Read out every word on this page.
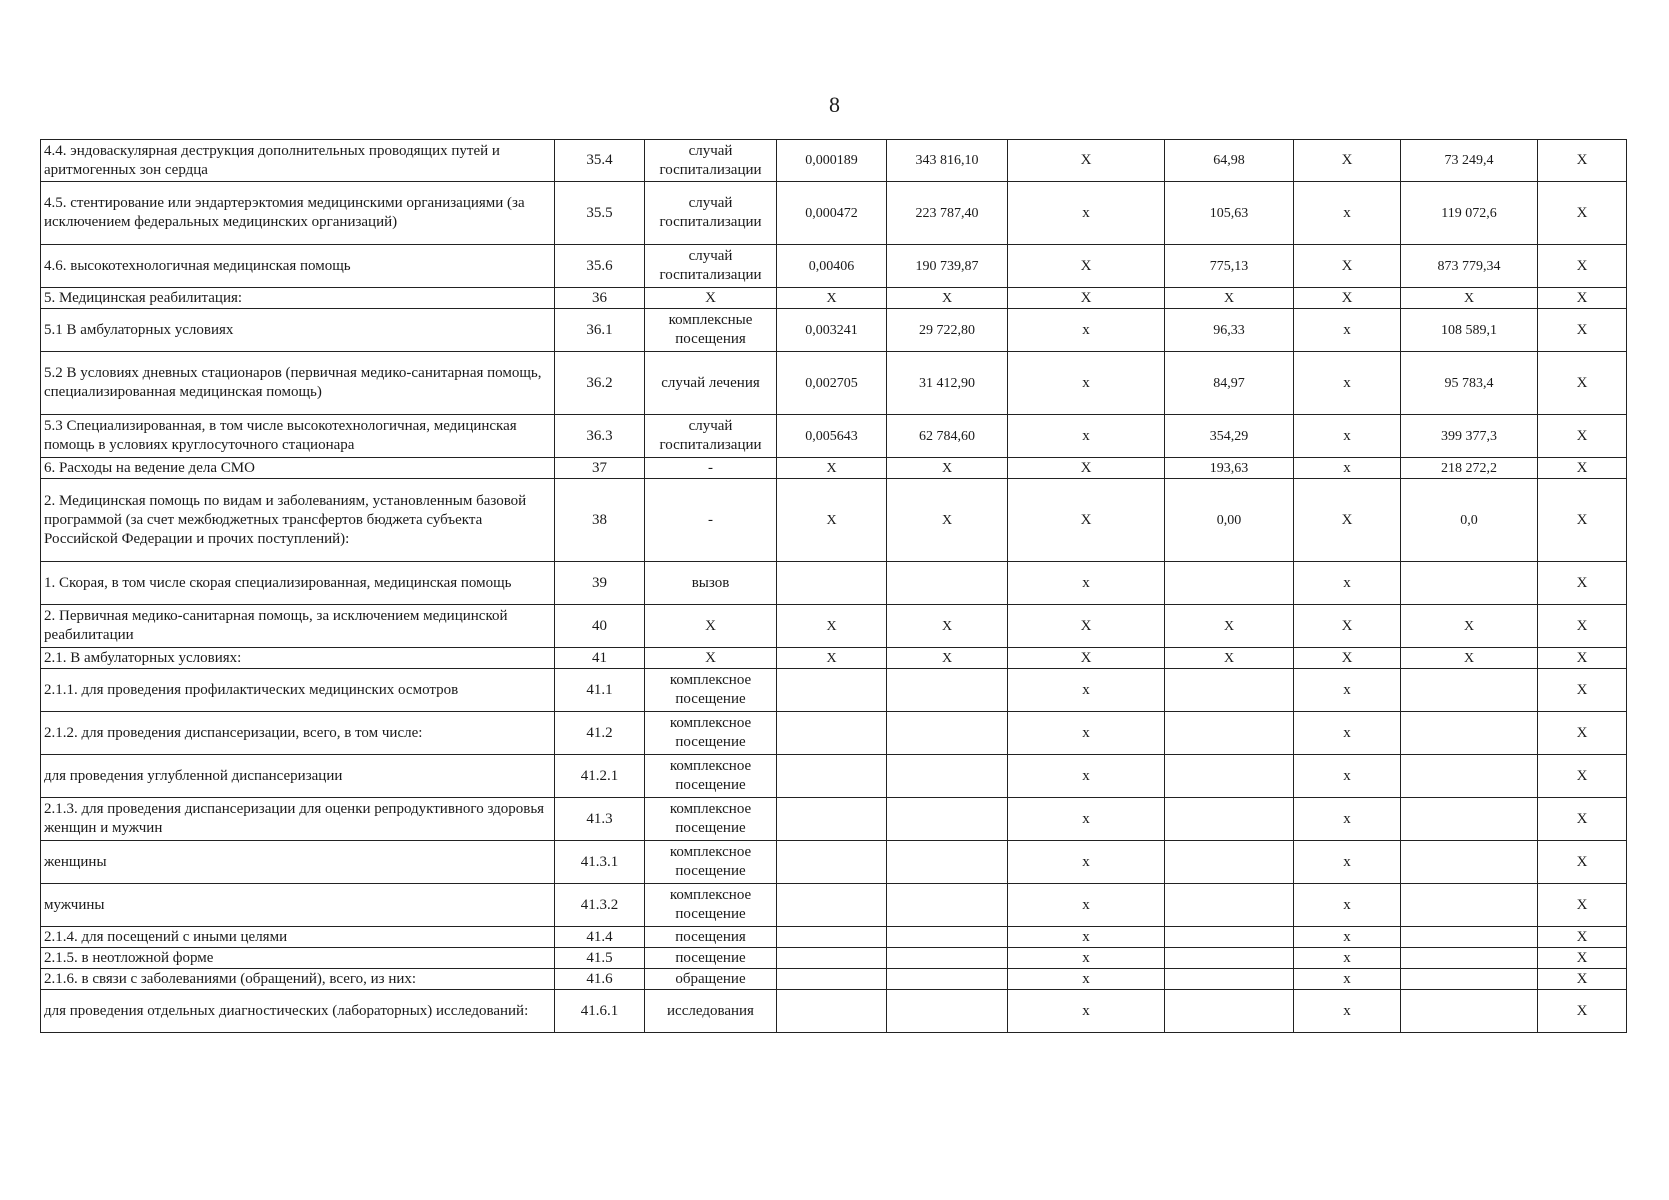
8
4.4. эндоваскулярная деструкция дополнительных проводящих путей и аритмогенных зон сердца	35.4	случай госпитализации	0,000189	343 816,10	X	64,98	X	73 249,4	X
4.5. стентирование или эндартерэктомия медицинскими организациями (за исключением федеральных медицинских организаций)	35.5	случай госпитализации	0,000472	223 787,40	x	105,63	x	119 072,6	X
4.6. высокотехнологичная медицинская помощь	35.6	случай госпитализации	0,00406	190 739,87	X	775,13	X	873 779,34	X
5. Медицинская реабилитация:	36	X	X	X	X	X	X	X	X
5.1 В амбулаторных условиях	36.1	комплексные посещения	0,003241	29 722,80	x	96,33	x	108 589,1	X
5.2 В условиях дневных стационаров (первичная медико-санитарная помощь, специализированная медицинская помощь)	36.2	случай лечения	0,002705	31 412,90	x	84,97	x	95 783,4	X
5.3 Специализированная, в том числе высокотехнологичная, медицинская помощь в условиях круглосуточного стационара	36.3	случай госпитализации	0,005643	62 784,60	x	354,29	x	399 377,3	X
6. Расходы на ведение дела СМО	37	-	X	X	X	193,63	x	218 272,2	X
2. Медицинская помощь по видам и заболеваниям, установленным базовой программой (за счет межбюджетных трансфертов бюджета субъекта Российской Федерации и прочих поступлений):	38	-	X	X	X	0,00	X	0,0	X
1. Скорая, в том числе скорая специализированная, медицинская помощь	39	вызов			x		x		X
2. Первичная медико-санитарная помощь, за исключением медицинской реабилитации	40	X	X	X	X	X	X	X	X
2.1. В амбулаторных условиях:	41	X	X	X	X	X	X	X	X
2.1.1. для проведения профилактических медицинских осмотров	41.1	комплексное посещение			x		x		X
2.1.2. для проведения диспансеризации, всего, в том числе:	41.2	комплексное посещение			x		x		X
для проведения углубленной диспансеризации	41.2.1	комплексное посещение			x		x		X
2.1.3. для проведения диспансеризации для оценки репродуктивного здоровья женщин и мужчин	41.3	комплексное посещение			x		x		X
женщины	41.3.1	комплексное посещение			x		x		X
мужчины	41.3.2	комплексное посещение			x		x		X
2.1.4. для посещений с иными целями	41.4	посещения			x		x		X
2.1.5. в неотложной форме	41.5	посещение			x		x		X
2.1.6. в связи с заболеваниями (обращений), всего, из них:	41.6	обращение			x		x		X
для проведения отдельных диагностических (лабораторных) исследований:	41.6.1	исследования			x		x		X
